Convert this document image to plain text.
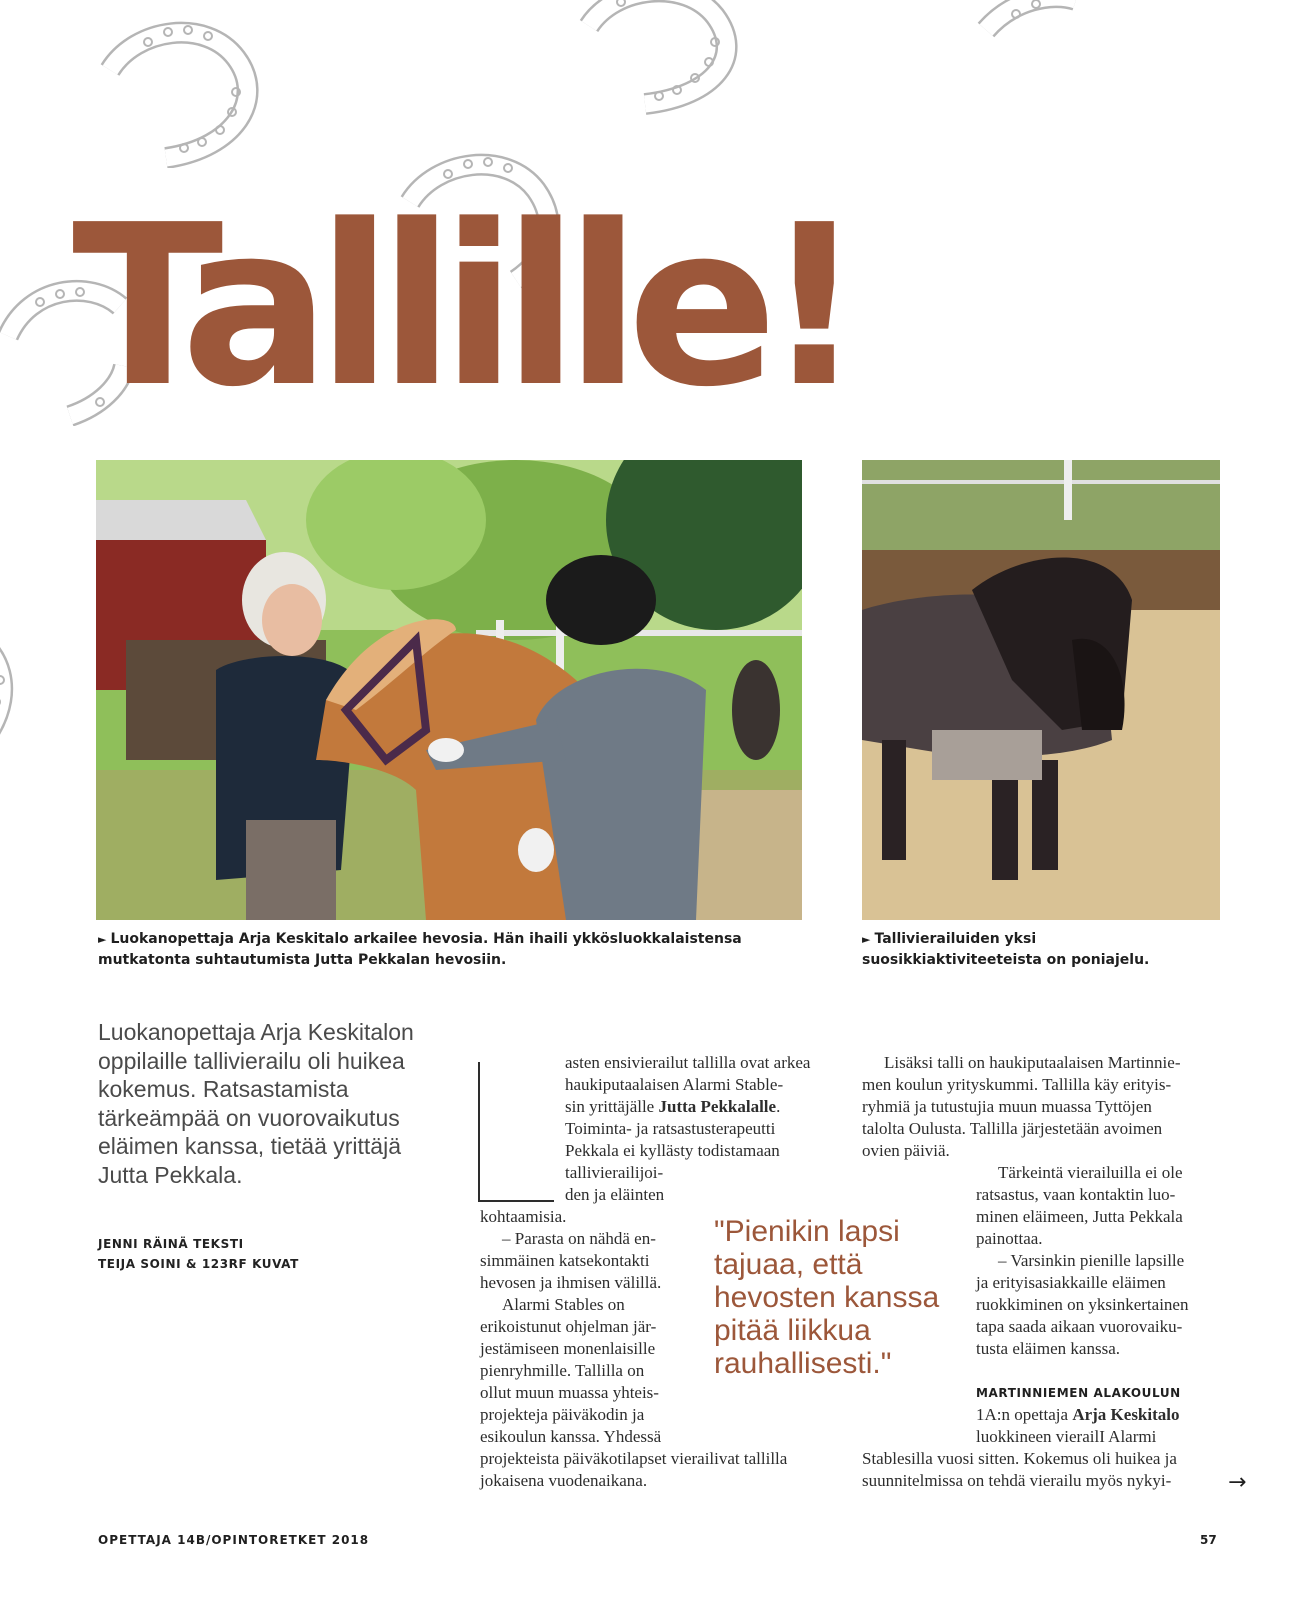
Tallille!

► Luokanopettaja Arja Keskitalo arkailee hevosia. Hän ihaili ykkösluokkalaistensa mutkatonta suhtautumista Jutta Pekkalan hevosiin.

► Tallivierailuiden yksi suosikkiaktiviteeteista on poniajelu.

Luokanopettaja Arja Keskitalon oppilaille tallivierailu oli huikea kokemus. Ratsastamista tärkeämpää on vuorovaikutus eläimen kanssa, tietää yrittäjä Jutta Pekkala.

JENNI RÄINÄ TEKSTI
TEIJA SOINI & 123RF KUVAT
asten ensivierailut tallilla ovat arkea
haukiputaalaisen Alarmi Stable-
sin yrittäjälle Jutta Pekkalalle.
Toiminta- ja ratsastusterapeutti
Pekkala ei kyllästy todistamaan
tallivierailijoi-
den ja eläinten
kohtaamisia.
– Parasta on nähdä en-
simmäinen katsekontakti
hevosen ja ihmisen välillä.
Alarmi Stables on
erikoistunut ohjelman jär-
jestämiseen monenlaisille
pienryhmille. Tallilla on
ollut muun muassa yhteis-
projekteja päiväkodin ja
esikoulun kanssa. Yhdessä
projekteista päiväkotilapset vierailivat tallilla
jokaisena vuodenaikana.

"Pienikin lapsi tajuaa, että hevosten kanssa pitää liikkua rauhallisesti."

Lisäksi talli on haukiputaalaisen Martinnie-
men koulun yrityskummi. Tallilla käy erityis-
ryhmiä ja tutustujia muun muassa Tyttöjen
talolta Oulusta. Tallilla järjestetään avoimen
ovien päiviä.
Tärkeintä vierailuilla ei ole
ratsastus, vaan kontaktin luo-
minen eläimeen, Jutta Pekkala
painottaa.
– Varsinkin pienille lapsille
ja erityisasiakkaille eläimen
ruokkiminen on yksinkertainen
tapa saada aikaan vuorovaiku-
tusta eläimen kanssa.
MARTINNIEMEN ALAKOULUN
1A:n opettaja Arja Keskitalo
luokkineen vierailI Alarmi
Stablesilla vuosi sitten. Kokemus oli huikea ja
suunnitelmissa on tehdä vierailu myös nykyi-	→
OPETTAJA 14B/OPINTORETKET 2018	57
